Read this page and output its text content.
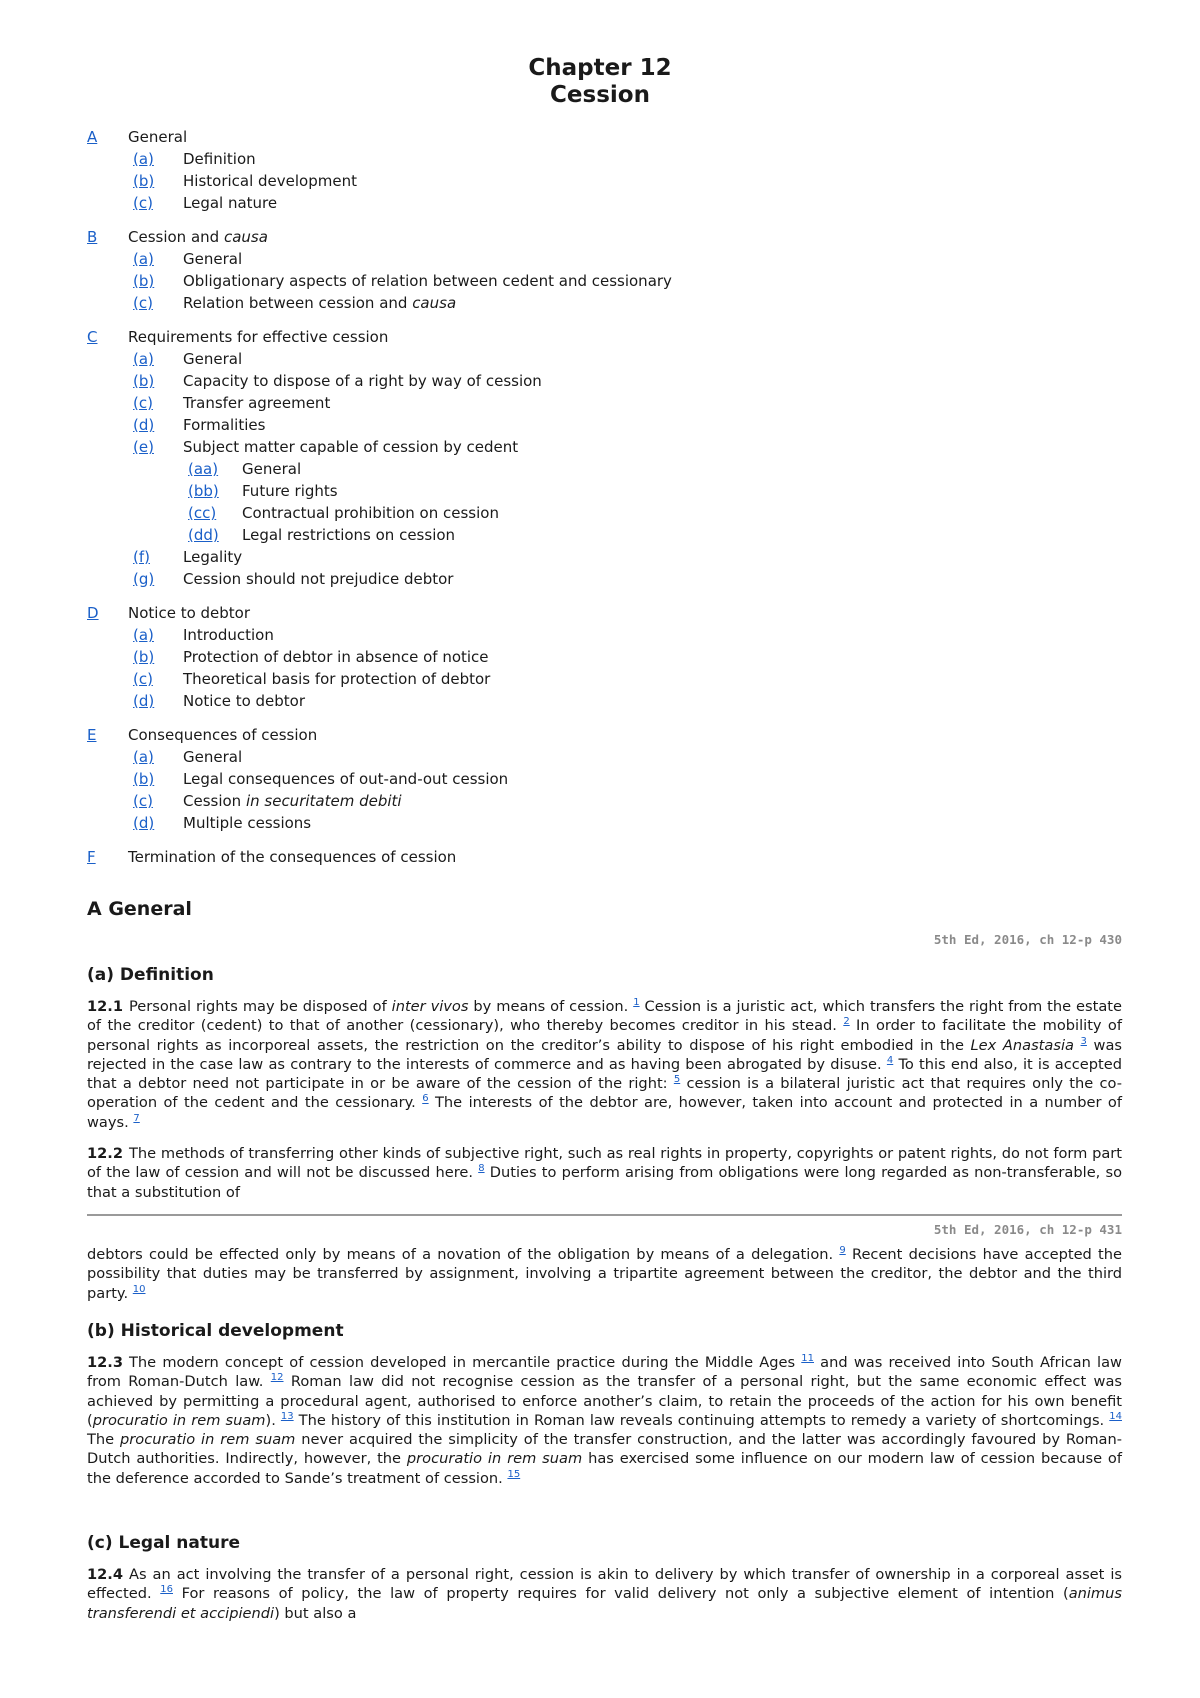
Chapter 12
Cession
A General
(a) Definition
(b) Historical development
(c) Legal nature
B Cession and causa
(a) General
(b) Obligationary aspects of relation between cedent and cessionary
(c) Relation between cession and causa
C Requirements for effective cession
(a) General
(b) Capacity to dispose of a right by way of cession
(c) Transfer agreement
(d) Formalities
(e) Subject matter capable of cession by cedent
(aa) General
(bb) Future rights
(cc) Contractual prohibition on cession
(dd) Legal restrictions on cession
(f) Legality
(g) Cession should not prejudice debtor
D Notice to debtor
(a) Introduction
(b) Protection of debtor in absence of notice
(c) Theoretical basis for protection of debtor
(d) Notice to debtor
E Consequences of cession
(a) General
(b) Legal consequences of out-and-out cession
(c) Cession in securitatem debiti
(d) Multiple cessions
F Termination of the consequences of cession
A General
5th Ed, 2016, ch 12-p 430
(a) Definition
12.1 Personal rights may be disposed of inter vivos by means of cession. $^1$ Cession is a juristic act, which transfers the right from the estate of the creditor (cedent) to that of another (cessionary), who thereby becomes creditor in his stead. $^2$ In order to facilitate the mobility of personal rights as incorporeal assets, the restriction on the creditor’s ability to dispose of his right embodied in the Lex Anastasia $^3$ was rejected in the case law as contrary to the interests of commerce and as having been abrogated by disuse. $^4$ To this end also, it is accepted that a debtor need not participate in or be aware of the cession of the right: $^5$ cession is a bilateral juristic act that requires only the co-operation of the cedent and the cessionary. $^6$ The interests of the debtor are, however, taken into account and protected in a number of ways. $^7$
12.2 The methods of transferring other kinds of subjective right, such as real rights in property, copyrights or patent rights, do not form part of the law of cession and will not be discussed here. $^8$ Duties to perform arising from obligations were long regarded as non-transferable, so that a substitution of
5th Ed, 2016, ch 12-p 431
debtors could be effected only by means of a novation of the obligation by means of a delegation. $^9$ Recent decisions have accepted the possibility that duties may be transferred by assignment, involving a tripartite agreement between the creditor, the debtor and the third party. $^{10}$
(b) Historical development
12.3 The modern concept of cession developed in mercantile practice during the Middle Ages $^{11}$ and was received into South African law from Roman-Dutch law. $^{12}$ Roman law did not recognise cession as the transfer of a personal right, but the same economic effect was achieved by permitting a procedural agent, authorised to enforce another’s claim, to retain the proceeds of the action for his own benefit (procuratio in rem suam). $^{13}$ The history of this institution in Roman law reveals continuing attempts to remedy a variety of shortcomings. $^{14}$ The procuratio in rem suam never acquired the simplicity of the transfer construction, and the latter was accordingly favoured by Roman-Dutch authorities. Indirectly, however, the procuratio in rem suam has exercised some influence on our modern law of cession because of the deference accorded to Sande’s treatment of cession. $^{15}$
(c) Legal nature
12.4 As an act involving the transfer of a personal right, cession is akin to delivery by which transfer of ownership in a corporeal asset is effected. $^{16}$ For reasons of policy, the law of property requires for valid delivery not only a subjective element of intention (animus transferendi et accipiendi) but also a
